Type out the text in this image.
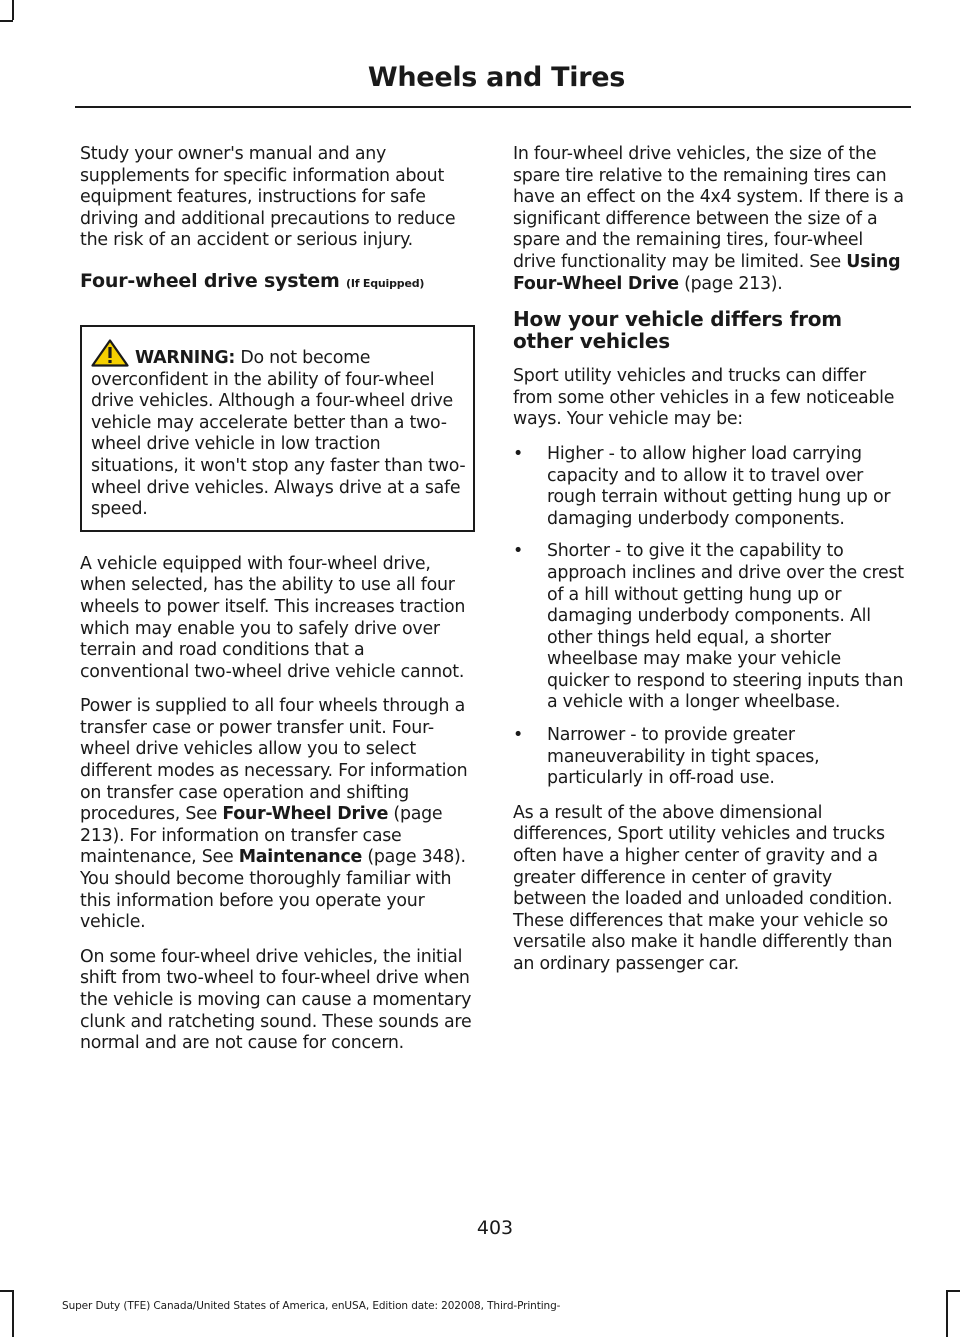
Wheels and Tires

Study your owner's manual and any supplements for specific information about equipment features, instructions for safe driving and additional precautions to reduce the risk of an accident or serious injury.

Four-wheel drive system (If Equipped)
WARNING: Do not become overconfident in the ability of four-wheel drive vehicles. Although a four-wheel drive vehicle may accelerate better than a two-wheel drive vehicle in low traction situations, it won't stop any faster than two-wheel drive vehicles. Always drive at a safe speed.

A vehicle equipped with four-wheel drive, when selected, has the ability to use all four wheels to power itself. This increases traction which may enable you to safely drive over terrain and road conditions that a conventional two-wheel drive vehicle cannot.

Power is supplied to all four wheels through a transfer case or power transfer unit. Four-wheel drive vehicles allow you to select different modes as necessary. For information on transfer case operation and shifting procedures, See Four-Wheel Drive (page 213). For information on transfer case maintenance, See Maintenance (page 348). You should become thoroughly familiar with this information before you operate your vehicle.

On some four-wheel drive vehicles, the initial shift from two-wheel to four-wheel drive when the vehicle is moving can cause a momentary clunk and ratcheting sound. These sounds are normal and are not cause for concern.

In four-wheel drive vehicles, the size of the spare tire relative to the remaining tires can have an effect on the 4x4 system. If there is a significant difference between the size of a spare and the remaining tires, four-wheel drive functionality may be limited. See Using Four-Wheel Drive (page 213).

How your vehicle differs from other vehicles

Sport utility vehicles and trucks can differ from some other vehicles in a few noticeable ways. Your vehicle may be:

• Higher - to allow higher load carrying capacity and to allow it to travel over rough terrain without getting hung up or damaging underbody components.
• Shorter - to give it the capability to approach inclines and drive over the crest of a hill without getting hung up or damaging underbody components. All other things held equal, a shorter wheelbase may make your vehicle quicker to respond to steering inputs than a vehicle with a longer wheelbase.
• Narrower - to provide greater maneuverability in tight spaces, particularly in off-road use.

As a result of the above dimensional differences, Sport utility vehicles and trucks often have a higher center of gravity and a greater difference in center of gravity between the loaded and unloaded condition. These differences that make your vehicle so versatile also make it handle differently than an ordinary passenger car.

403
Super Duty (TFE) Canada/United States of America, enUSA, Edition date: 202008, Third-Printing-
